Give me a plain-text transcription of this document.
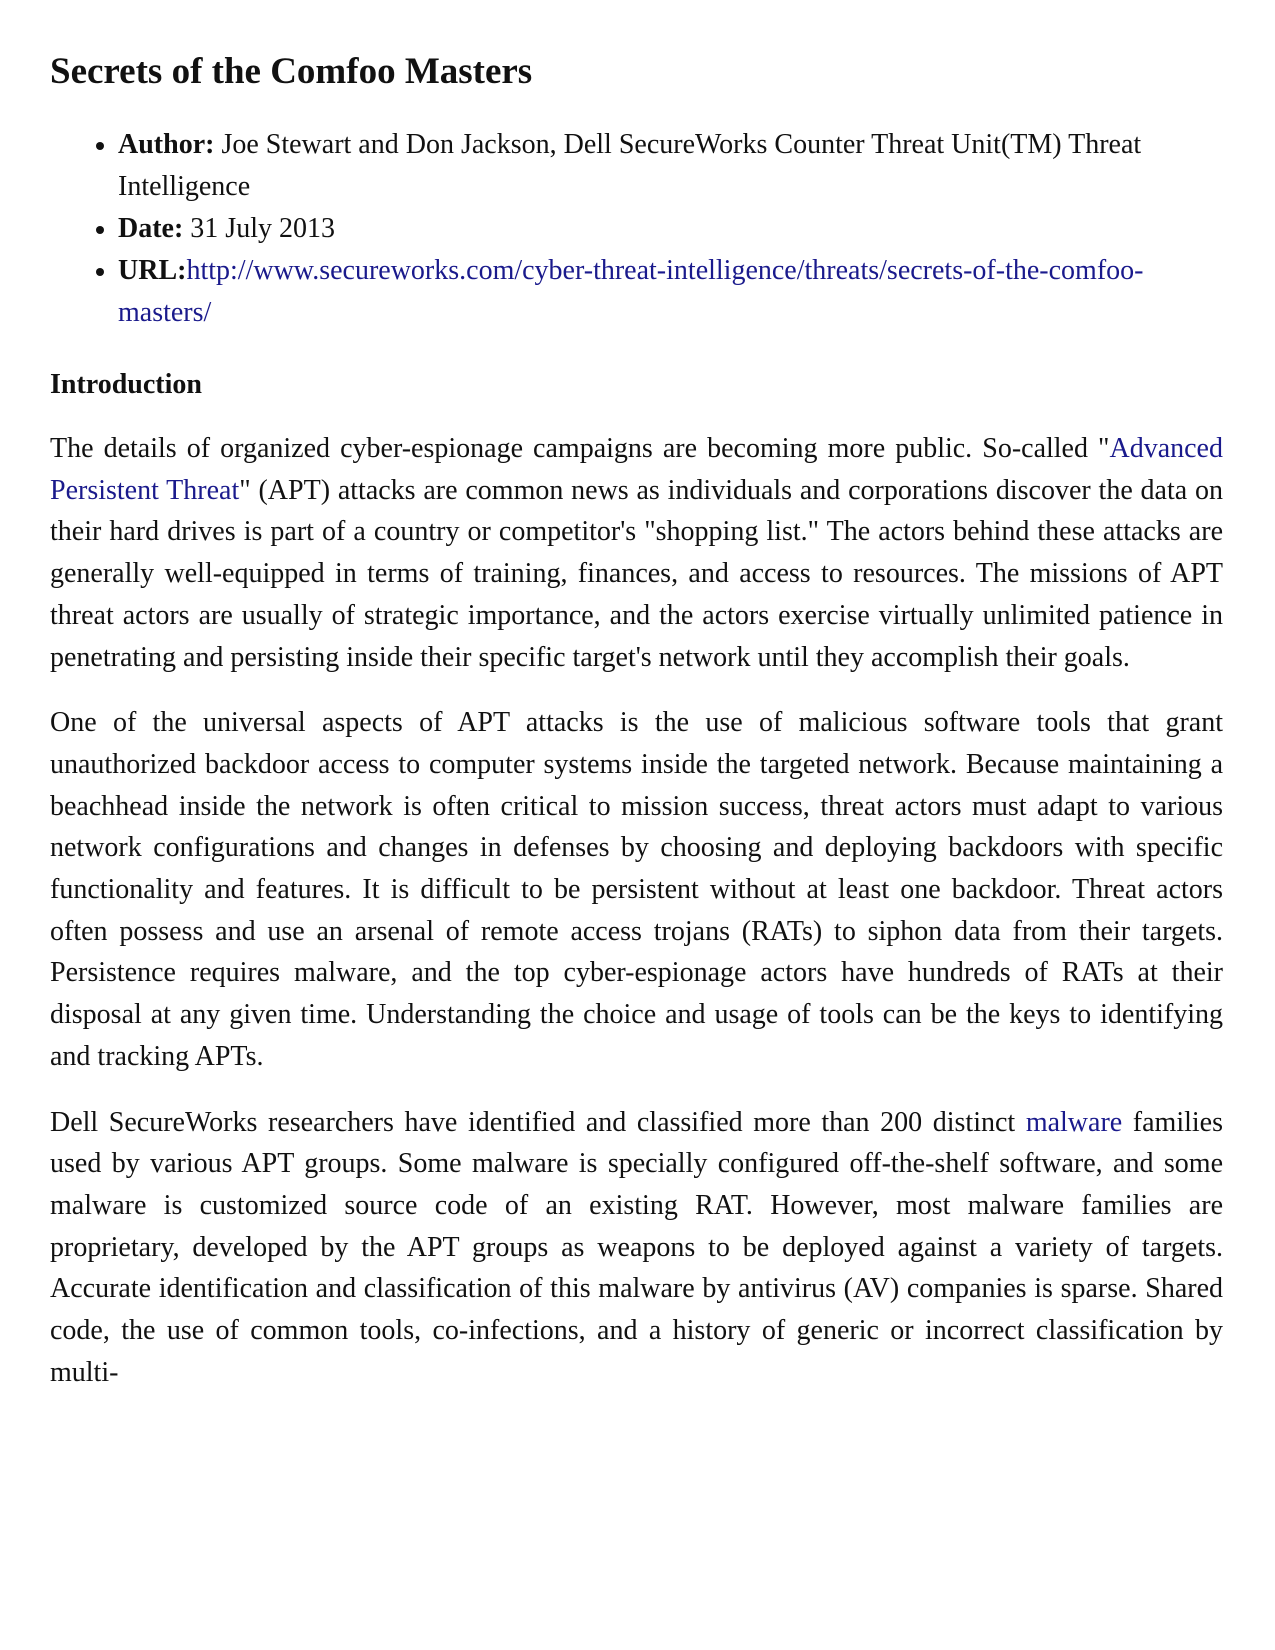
Secrets of the Comfoo Masters
• Author: Joe Stewart and Don Jackson, Dell SecureWorks Counter Threat Unit(TM) Threat Intelligence
• Date: 31 July 2013
• URL:http://www.secureworks.com/cyber-threat-intelligence/threats/secrets-of-the-comfoo-masters/
Introduction

The details of organized cyber-espionage campaigns are becoming more public. So-called "Advanced Persistent Threat" (APT) attacks are common news as individuals and corporations discover the data on their hard drives is part of a country or competitor's "shopping list." The actors behind these attacks are generally well-equipped in terms of training, finances, and access to resources. The missions of APT threat actors are usually of strategic importance, and the actors exercise virtually unlimited patience in penetrating and persisting inside their specific target's network until they accomplish their goals.

One of the universal aspects of APT attacks is the use of malicious software tools that grant unauthorized backdoor access to computer systems inside the targeted network. Because maintaining a beachhead inside the network is often critical to mission success, threat actors must adapt to various network configurations and changes in defenses by choosing and deploying backdoors with specific functionality and features. It is difficult to be persistent without at least one backdoor. Threat actors often possess and use an arsenal of remote access trojans (RATs) to siphon data from their targets. Persistence requires malware, and the top cyber-espionage actors have hundreds of RATs at their disposal at any given time. Understanding the choice and usage of tools can be the keys to identifying and tracking APTs.

Dell SecureWorks researchers have identified and classified more than 200 distinct malware families used by various APT groups. Some malware is specially configured off-the-shelf software, and some malware is customized source code of an existing RAT. However, most malware families are proprietary, developed by the APT groups as weapons to be deployed against a variety of targets. Accurate identification and classification of this malware by antivirus (AV) companies is sparse. Shared code, the use of common tools, co-infections, and a history of generic or incorrect classification by multi-
